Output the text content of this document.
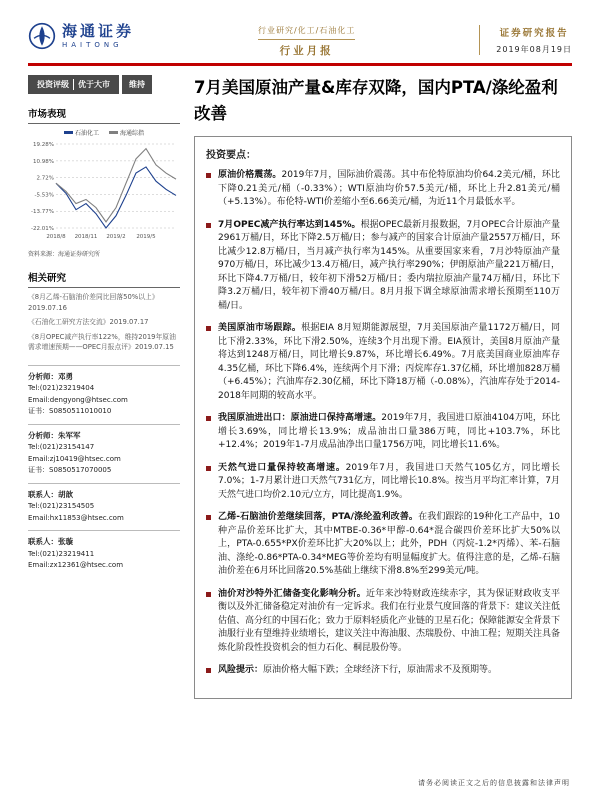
海通证券
HAITONG
行业研究/化工/石油化工
行业月报
证券研究报告
2019年08月19日
投资评级	优于大市	维持
市场表现
石油化工	海通综指
19.28%
10.98%
2.72%
-5.53%
-13.77%
-22.01%
2018/8 2018/11 2019/2 2019/5
资料来源：海通证券研究所
相关研究
《8月乙烯-石脑油价差同比回落50%以上》2019.07.16
《石油化工研究方法交流》2019.07.17
《8月OPEC减产执行率122%，维持2019年原油需求增速预期——OPEC月报点评》2019.07.15
分析师：邓勇
Tel:(021)23219404
Email:dengyong@htsec.com
证书：S0850511010010
分析师：朱军军
Tel:(021)23154147
Email:zj10419@htsec.com
证书：S0850517070005
联系人：胡歆
Tel:(021)23154505
Email:hx11853@htsec.com
联系人：张璇
Tel:(021)23219411
Email:zx12361@htsec.com
7月美国原油产量&库存双降，国内PTA/涤纶盈利改善
投资要点：
原油价格震荡。2019年7月，国际油价震荡。其中布伦特原油均价64.2美元/桶，环比下降0.21美元/桶（-0.33%）；WTI原油均价57.5美元/桶，环比上升2.81美元/桶（+5.13%）。布伦特-WTI价差缩小至6.66美元/桶，为近11个月最低水平。
7月OPEC减产执行率达到145%。根据OPEC最新月报数据，7月OPEC合计原油产量2961万桶/日，环比下降2.5万桶/日；参与减产的国家合计原油产量2557万桶/日，环比减少12.8万桶/日，当月减产执行率为145%。从重要国家来看，7月沙特原油产量970万桶/日，环比减少13.4万桶/日，减产执行率290%；伊朗原油产量221万桶/日，环比下降4.7万桶/日，较年初下滑52万桶/日；委内瑞拉原油产量74万桶/日，环比下降3.2万桶/日，较年初下滑40万桶/日。8月月报下调全球原油需求增长预期至110万桶/日。
美国原油市场跟踪。根据EIA 8月短期能源展望，7月美国原油产量1172万桶/日，同比下滑2.33%，环比下滑2.50%，连续3个月出现下滑。EIA预计，美国8月原油产量将达到1248万桶/日，同比增长9.87%，环比增长6.49%。7月底美国商业原油库存4.35亿桶，环比下降6.4%，连续两个月下滑；丙烷库存1.37亿桶，环比增加828万桶（+6.45%）；汽油库存2.30亿桶，环比下降18万桶（-0.08%），汽油库存处于2014-2018年同期的较高水平。
我国原油进出口：原油进口保持高增速。2019年7月，我国进口原油4104万吨，环比增长3.69%，同比增长13.9%；成品油出口量386万吨，同比+103.7%，环比+12.4%；2019年1-7月成品油净出口量1756万吨，同比增长11.6%。
天然气进口量保持较高增速。2019年7月，我国进口天然气105亿方，同比增长7.0%；1-7月累计进口天然气731亿方，同比增长10.8%。按当月平均汇率计算，7月天然气进口均价2.10元/立方，同比提高1.9%。
乙烯-石脑油价差继续回落，PTA/涤纶盈利改善。在我们跟踪的19种化工产品中，10种产品价差环比扩大，其中MTBE-0.36*甲醇-0.64*混合碳四价差环比扩大50%以上，PTA-0.655*PX价差环比扩大20%以上；此外，PDH（丙烷-1.2*丙烯）、苯-石脑油、涤纶-0.86*PTA-0.34*MEG等价差均有明显幅度扩大。值得注意的是，乙烯-石脑油价差在6月环比回落20.5%基础上继续下滑8.8%至299美元/吨。
油价对沙特外汇储备变化影响分析。近年来沙特财政连续赤字，其为保证财政收支平衡以及外汇储备稳定对油价有一定诉求。我们在行业景气度回落的背景下：建议关注低估值、高分红的中国石化；致力于原料轻质化产业链的卫星石化；保障能源安全背景下油服行业有望维持业绩增长，建议关注中海油服、杰瑞股份、中油工程；短期关注具备炼化阶段性投资机会的恒力石化、桐昆股份等。
风险提示：原油价格大幅下跌；全球经济下行，原油需求不及预期等。
请务必阅读正文之后的信息披露和法律声明
